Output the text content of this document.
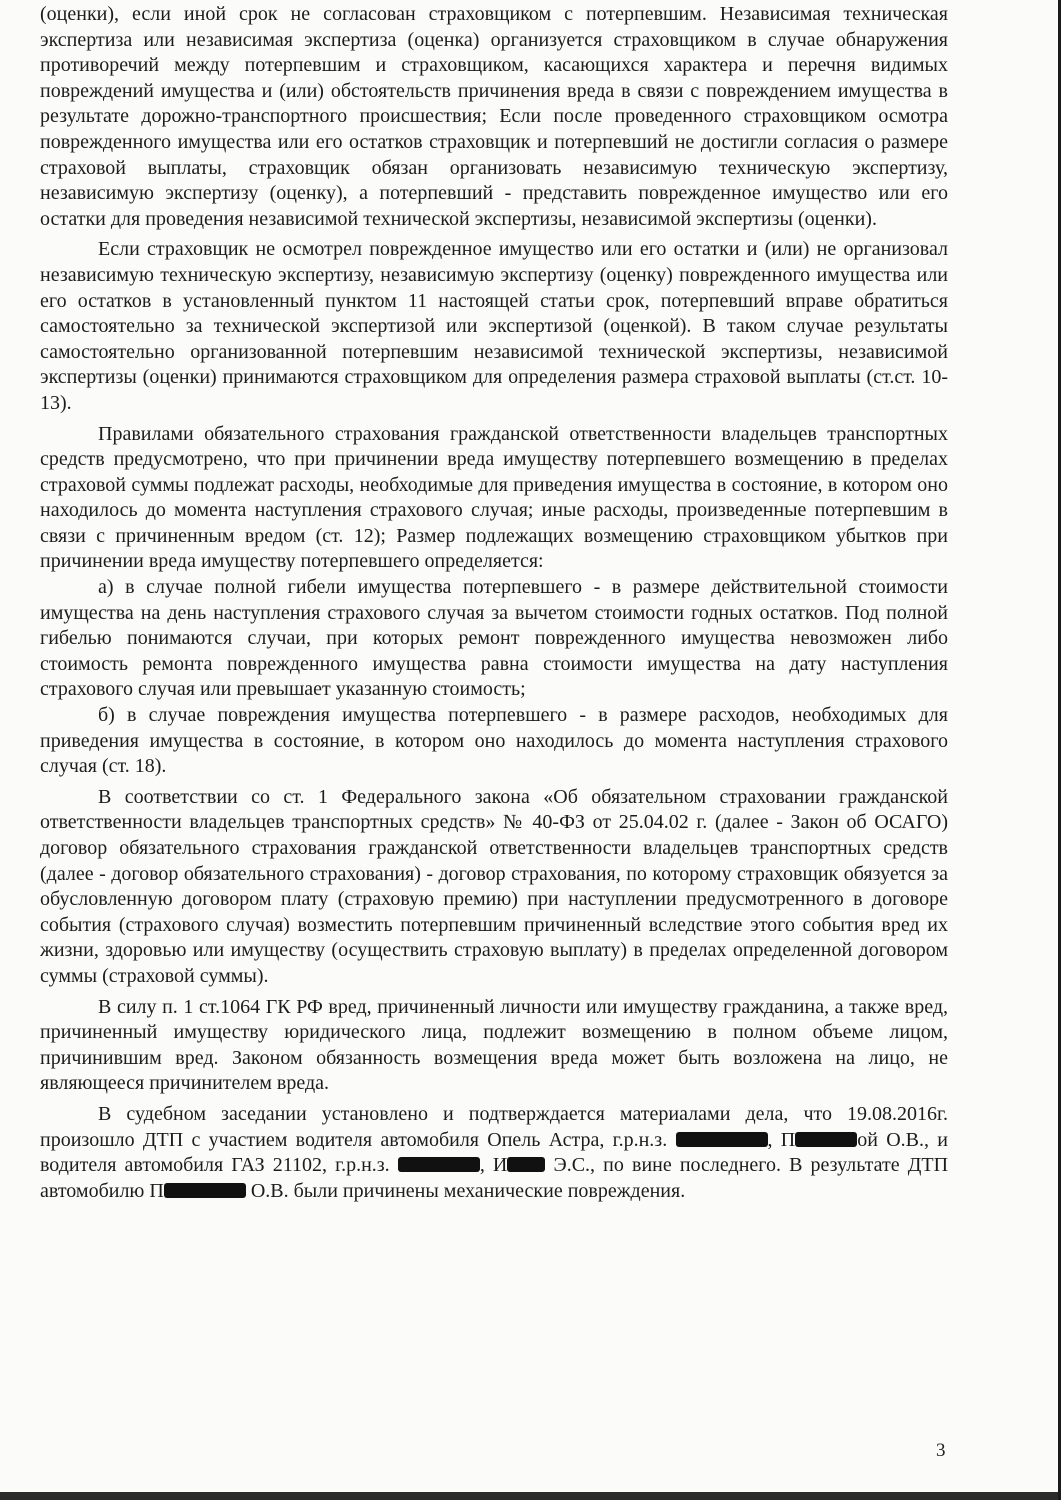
(оценки), если иной срок не согласован страховщиком с потерпевшим. Независимая техническая экспертиза или независимая экспертиза (оценка) организуется страховщиком в случае обнаружения противоречий между потерпевшим и страховщиком, касающихся характера и перечня видимых повреждений имущества и (или) обстоятельств причинения вреда в связи с повреждением имущества в результате дорожно-транспортного происшествия; Если после проведенного страховщиком осмотра поврежденного имущества или его остатков страховщик и потерпевший не достигли согласия о размере страховой выплаты, страховщик обязан организовать независимую техническую экспертизу, независимую экспертизу (оценку), а потерпевший - представить поврежденное имущество или его остатки для проведения независимой технической экспертизы, независимой экспертизы (оценки).

Если страховщик не осмотрел поврежденное имущество или его остатки и (или) не организовал независимую техническую экспертизу, независимую экспертизу (оценку) поврежденного имущества или его остатков в установленный пунктом 11 настоящей статьи срок, потерпевший вправе обратиться самостоятельно за технической экспертизой или экспертизой (оценкой). В таком случае результаты самостоятельно организованной потерпевшим независимой технической экспертизы, независимой экспертизы (оценки) принимаются страховщиком для определения размера страховой выплаты (ст.ст. 10-13).

Правилами обязательного страхования гражданской ответственности владельцев транспортных средств предусмотрено, что при причинении вреда имуществу потерпевшего возмещению в пределах страховой суммы подлежат расходы, необходимые для приведения имущества в состояние, в котором оно находилось до момента наступления страхового случая; иные расходы, произведенные потерпевшим в связи с причиненным вредом (ст. 12); Размер подлежащих возмещению страховщиком убытков при причинении вреда имуществу потерпевшего определяется:

а) в случае полной гибели имущества потерпевшего - в размере действительной стоимости имущества на день наступления страхового случая за вычетом стоимости годных остатков. Под полной гибелью понимаются случаи, при которых ремонт поврежденного имущества невозможен либо стоимость ремонта поврежденного имущества равна стоимости имущества на дату наступления страхового случая или превышает указанную стоимость;

б) в случае повреждения имущества потерпевшего - в размере расходов, необходимых для приведения имущества в состояние, в котором оно находилось до момента наступления страхового случая (ст. 18).

В соответствии со ст. 1 Федерального закона «Об обязательном страховании гражданской ответственности владельцев транспортных средств» № 40-ФЗ от 25.04.02 г. (далее - Закон об ОСАГО) договор обязательного страхования гражданской ответственности владельцев транспортных средств (далее - договор обязательного страхования) - договор страхования, по которому страховщик обязуется за обусловленную договором плату (страховую премию) при наступлении предусмотренного в договоре события (страхового случая) возместить потерпевшим причиненный вследствие этого события вред их жизни, здоровью или имуществу (осуществить страховую выплату) в пределах определенной договором суммы (страховой суммы).

В силу п. 1 ст.1064 ГК РФ вред, причиненный личности или имуществу гражданина, а также вред, причиненный имуществу юридического лица, подлежит возмещению в полном объеме лицом, причинившим вред. Законом обязанность возмещения вреда может быть возложена на лицо, не являющееся причинителем вреда.

В судебном заседании установлено и подтверждается материалами дела, что 19.08.2016г. произошло ДТП с участием водителя автомобиля Опель Астра, г.р.н.з.	, П	ой О.В., и водителя автомобиля ГАЗ 21102, г.р.н.з.	, И Э.С., по вине последнего. В результате ДТП автомобилю П	О.В. были причинены механические повреждения.

3
